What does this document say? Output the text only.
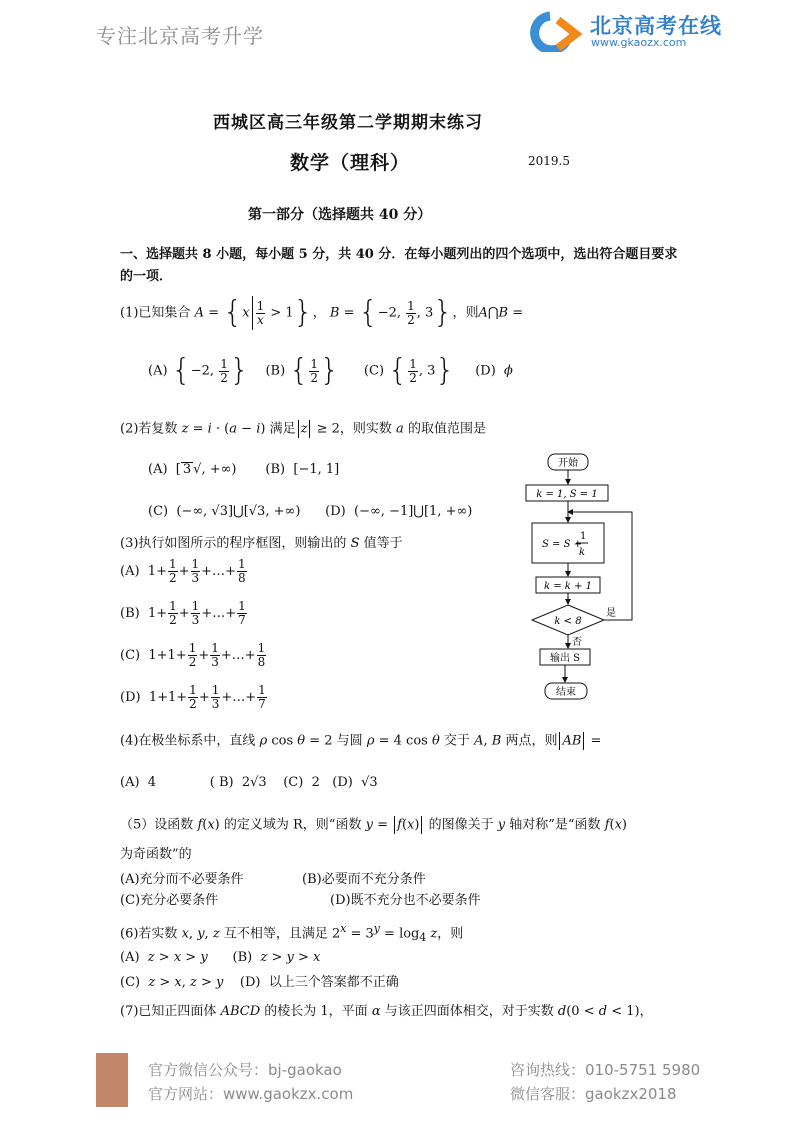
专注北京高考升学	北京高考在线
www.gkaozx.com
西城区高三年级第二学期期末练习
数学（理科）	2019.5
第一部分（选择题共 40 分）
一、选择题共 8 小题，每小题 5 分，共 40 分．在每小题列出的四个选项中，选出符合题目要求的一项．
(1)已知集合 $A = \{x \frac{1}{x} > 1\}$， B = {−2, $\frac{1}{2}$ , 3}，则A⋂B =
(A) {−2, $\frac{1}{2}$ }    (B) { $\frac{1}{2}$ }      (C) { $\frac{1}{2}$ , 3}     (D)  ϕ
(2)若复数 z = i · (a − i) 满足 z ≥ 2，则实数 a 的取值范围是
(A)  [ 3 √, +∞)       (B)  [−1, 1]
(C)  (−∞, √3]⋃[√3, +∞)      (D)  (−∞, −1]⋃[1, +∞)
(3)执行如图所示的程序框图，则输出的 S 值等于
(A)  $1+ \frac{1}{2} + \frac{1}{3}$ +…+ $\frac{1}{8}$
(B)  $1+ \frac{1}{2} + \frac{1}{3}$ +…+ $\frac{1}{7}$
(C)  $1+1+ \frac{1}{2} + \frac{1}{3}$ +…+ $\frac{1}{8}$
(D)  $1+1+ \frac{1}{2} + \frac{1}{3}$ +…+ $\frac{1}{7}$
开始
k = 1, S = 1
S = S +
1
k
k = k + 1
k < 8
是
否
输出 S
结束
(4)在极坐标系中，直线 ρ cos θ = 2 与圆 ρ = 4 cos θ 交于 A, B 两点，则 AB =
(A)  4             ( B)  2√3    (C)  2   (D)  √3
（5）设函数 f(x) 的定义域为 R，则“函数 y = f(x) 的图像关于 y 轴对称”是“函数 f(x)
为奇函数”的
(A)充分而不必要条件	(B)必要而不充分条件
(C)充分必要条件	(D)既不充分也不必要条件
(6)若实数 x, y, z 互不相等，且满足 $2^x = 3^y = \log_4 z$，则
(A)  z > x > y      (B)  z > y > x
(C)  z > x, z > y    (D)  以上三个答案都不正确
(7)已知正四面体 ABCD 的棱长为 1，平面 α 与该正四面体相交，对于实数 d(0 < d < 1)，
官方微信公众号：bj-gaokao
官方网站：www.gaokzx.com
咨询热线：010-5751 5980
微信客服：gaokzx2018
